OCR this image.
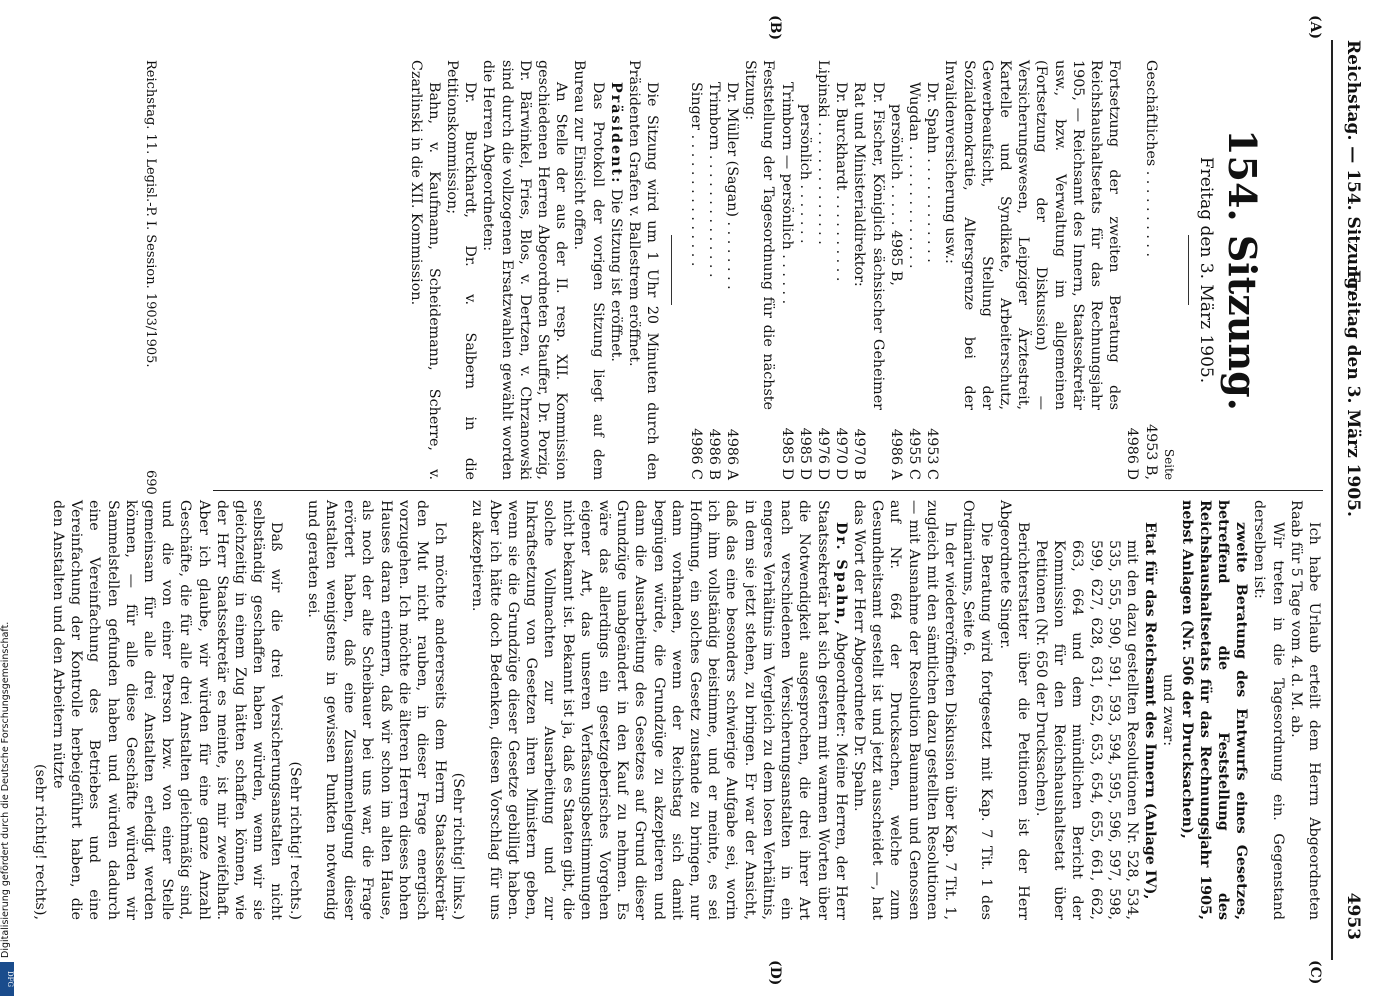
Reichstag. — 154. Sitzung.
Freitag den 3. März 1905.
4953
(A)
(B)
(C)
(D)
154. Sitzung.
Freitag den 3. März 1905.
Seite
Geschäftliches . . . . . . . . . .	4953 B,
	4986 D
Fortsetzung der zweiten Beratung des Reichshaushaltsetats für das Rechnungsjahr 1905, — Reichsamt des Innern, Staatssekretär usw., bzw. Verwaltung im allgemeinen (Fortsetzung der Diskussion) — Versicherungswesen, Leipziger Ärztestreit, Kartelle und Syndikate, Arbeiterschutz, Gewerbeaufsicht, Stellung der Sozialdemokratie, Altersgrenze bei der Invalidenversicherung usw.:	
Dr. Spahn . . . . . . . . . . . .	4953 C
Wugdan . . . . . . . . . . . . . .	4955 C
persönlich . . . . . 4985 B,	4986 A
Dr. Fischer, Königlich sächsischer Geheimer Rat und Ministerialdirektor:	4970 B
Dr. Burckhardt . . . . . . . . . .	4970 D
Lipinski . . . . . . . . . . . . . .	4976 D
persönlich . . . . . . .	4985 D
Trimborn — persönlich . . . . . .	4985 D
Feststellung der Tagesordnung für die nächste Sitzung:	
Dr. Müller (Sagan) . . . . . . . .	4986 A
Trimborn . . . . . . . . . . . . . .	4986 B
Singer . . . . . . . . . . . . . . .	4986 C

Die Sitzung wird um 1 Uhr 20 Minuten durch den Präsidenten Grafen v. Ballestrem eröffnet.

Präsident: Die Sitzung ist eröffnet.

Das Protokoll der vorigen Sitzung liegt auf dem Bureau zur Einsicht offen.

An Stelle der aus der II. resp. XII. Kommission geschiedenen Herren Abgeordneten Stauffer, Dr. Porzig, Dr. Bärwinkel, Fries, Blos, v. Dertzen, v. Chrzanowski sind durch die vollzogenen Ersatzwahlen gewählt worden die Herren Abgeordneten:

Dr. Burckhardt, Dr. v. Salbern in die Petitionskommission;

Bahn, v. Kaufmann, Scheidemann, Scherre, v. Czarlinski in die XII. Kommission.

Reichstag. 11. Legisl.-P. I. Session. 1903/1905.
690

Ich habe Urlaub erteilt dem Herrn Abgeordneten Raab für 5 Tage vom 4. d. M. ab.

Wir treten in die Tagesordnung ein. Gegenstand derselben ist:

zweite Beratung des Entwurfs eines Gesetzes, betreffend die Feststellung des Reichshaushaltsetats für das Rechnungsjahr 1905, nebst Anlagen (Nr. 506 der Drucksachen),

und zwar:

Etat für das Reichsamt des Innern (Anlage IV),

mit den dazu gestellten Resolutionen Nr. 528, 534, 535, 555, 590, 591, 593, 594, 595, 596, 597, 598, 599, 627, 628, 631, 652, 653, 654, 655, 661, 662, 663, 664 und dem mündlichen Bericht der Kommission für den Reichshaushaltsetat über Petitionen (Nr. 650 der Drucksachen).

Berichterstatter über die Petitionen ist der Herr Abgeordnete Singer.

Die Beratung wird fortgesetzt mit Kap. 7 Tit. 1 des Ordinariums, Seite 6.

In der wiedereröffneten Diskussion über Kap. 7 Tit. 1, zugleich mit den sämtlichen dazu gestellten Resolutionen — mit Ausnahme der Resolution Baumann und Genossen auf Nr. 664 der Drucksachen, welche zum Gesundheitsamt gestellt ist und jetzt ausscheidet —, hat das Wort der Herr Abgeordnete Dr. Spahn.

Dr. Spahn, Abgeordneter: Meine Herren, der Herr Staatssekretär hat sich gestern mit warmen Worten über die Notwendigkeit ausgesprochen, die drei ihrer Art nach verschiedenen Versicherungsanstalten in ein engeres Verhältnis im Vergleich zu dem losen Verhältnis, in dem sie jetzt stehen, zu bringen. Er war der Ansicht, daß das eine besonders schwierige Aufgabe sei, worin ich ihm vollständig beistimme, und er meinte, es sei Hoffnung, ein solches Gesetz zustande zu bringen, nur dann vorhanden, wenn der Reichstag sich damit begnügen würde, die Grundzüge zu akzeptieren und dann die Ausarbeitung des Gesetzes auf Grund dieser Grundzüge unabgeändert in den Kauf zu nehmen. Es wäre das allerdings ein gesetzgeberisches Vorgehen eigener Art, das unseren Verfassungsbestimmungen nicht bekannt ist. Bekannt ist ja, daß es Staaten gibt, die solche Vollmachten zur Ausarbeitung und zur Inkraftsetzung von Gesetzen ihren Ministern geben, wenn sie die Grundzüge dieser Gesetze gebilligt haben. Aber ich hätte doch Bedenken, diesen Vorschlag für uns zu akzeptieren.

(Sehr richtig! links.)

Ich möchte andererseits dem Herrn Staatssekretär den Mut nicht rauben, in dieser Frage energisch vorzugehen. Ich möchte die älteren Herren dieses hohen Hauses daran erinnern, daß wir schon im alten Hause, als noch der alte Scheibauer bei uns war, die Frage erörtert haben, daß eine Zusammenlegung dieser Anstalten wenigstens in gewissen Punkten notwendig und geraten sei.

(Sehr richtig! rechts.)

Daß wir die drei Versicherungsanstalten nicht selbständig geschaffen haben würden, wenn wir sie gleichzeitig in einem Zug hätten schaffen können, wie der Herr Staatssekretär es meinte, ist mir zweifelhaft. Aber ich glaube, wir würden für eine ganze Anzahl Geschäfte, die für alle drei Anstalten gleichmäßig sind, und die von einer Person bzw. von einer Stelle gemeinsam für alle drei Anstalten erledigt werden können, — für alle diese Geschäfte würden wir Sammelstellen gefunden haben und würden dadurch eine Vereinfachung des Betriebes und eine Vereinfachung der Kontrolle herbeigeführt haben, die den Anstalten und den Arbeitern nützte

(sehr richtig! rechts),

Digitalisierung gefördert durch die Deutsche Forschungsgemeinschaft.
DFG
